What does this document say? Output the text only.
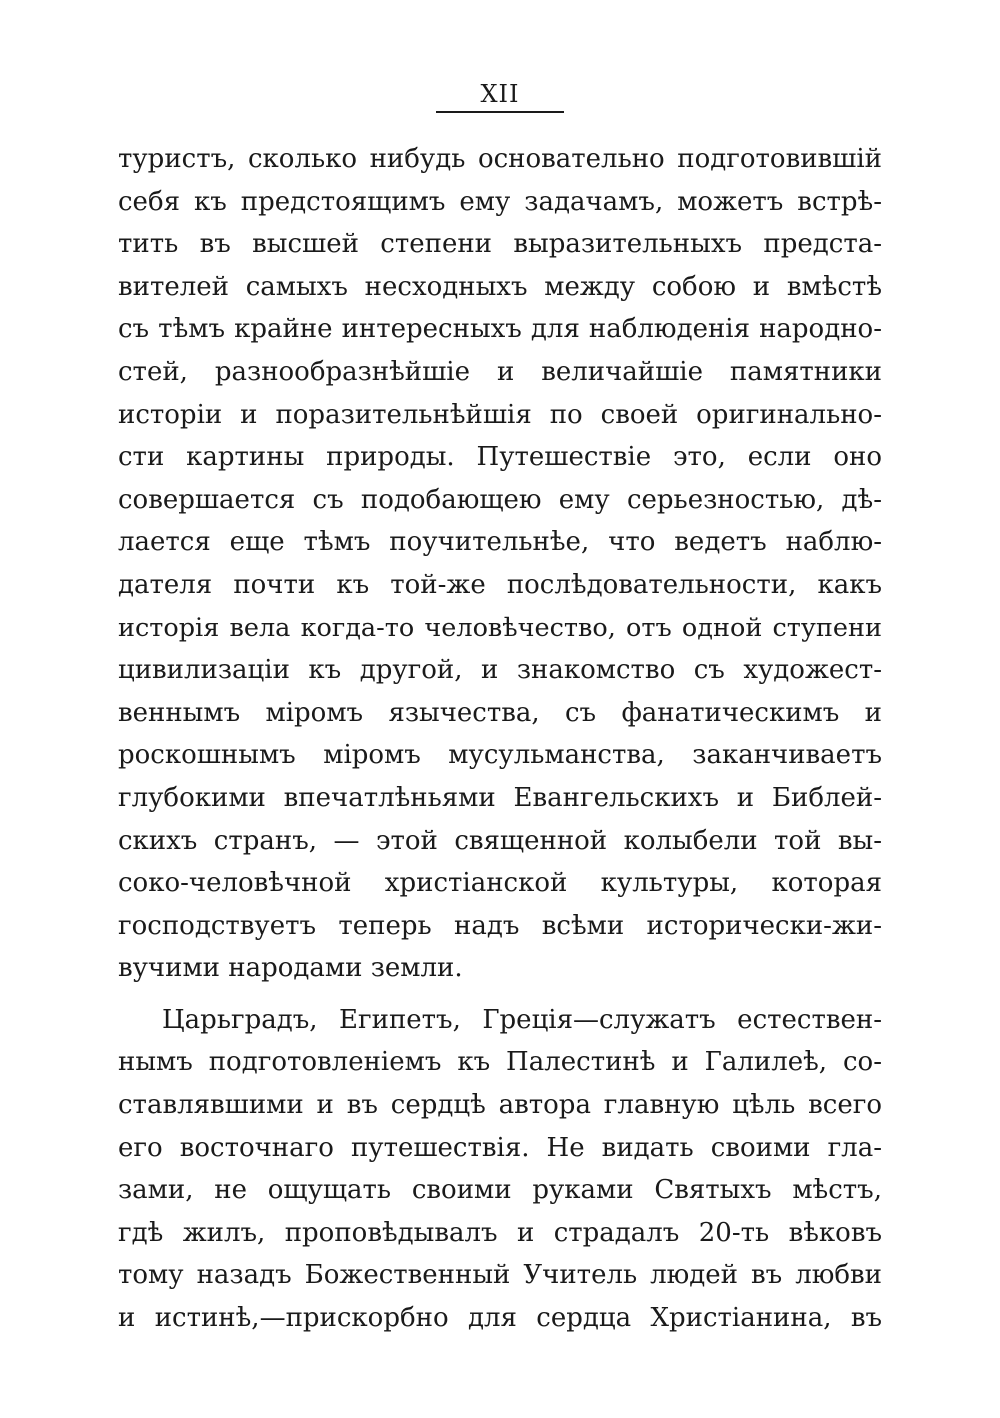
XII
туристъ, сколько нибудь основательно подготовившій
себя къ предстоящимъ ему задачамъ, можетъ встрѣ-
тить въ высшей степени выразительныхъ предста-
вителей самыхъ несходныхъ между собою и вмѣстѣ
съ тѣмъ крайне интересныхъ для наблюденія народно-
стей, разнообразнѣйшіе и величайшіе памятники
исторіи и поразительнѣйшія по своей оригинально-
сти картины природы. Путешествіе это, если оно
совершается съ подобающею ему серьезностью, дѣ-
лается еще тѣмъ поучительнѣе, что ведетъ наблю-
дателя почти къ той-же послѣдовательности, какъ
исторія вела когда-то человѣчество, отъ одной ступени
цивилизаціи къ другой, и знакомство съ художест-
веннымъ міромъ язычества, съ фанатическимъ и
роскошнымъ міромъ мусульманства, заканчиваетъ
глубокими впечатлѣньями Евангельскихъ и Библей-
скихъ странъ, — этой священной колыбели той вы-
соко-человѣчной христіанской культуры, которая
господствуетъ теперь надъ всѣми исторически-жи-
вучими народами земли.
Царьградъ, Египетъ, Греція—служатъ естествен-
нымъ подготовленіемъ къ Палестинѣ и Галилеѣ, со-
ставлявшими и въ сердцѣ автора главную цѣль всего
его восточнаго путешествія. Не видать своими гла-
зами, не ощущать своими руками Святыхъ мѣстъ,
гдѣ жилъ, проповѣдывалъ и страдалъ 20-ть вѣковъ
тому назадъ Божественный Учитель людей въ любви
и истинѣ,—прискорбно для сердца Христіанина, въ
